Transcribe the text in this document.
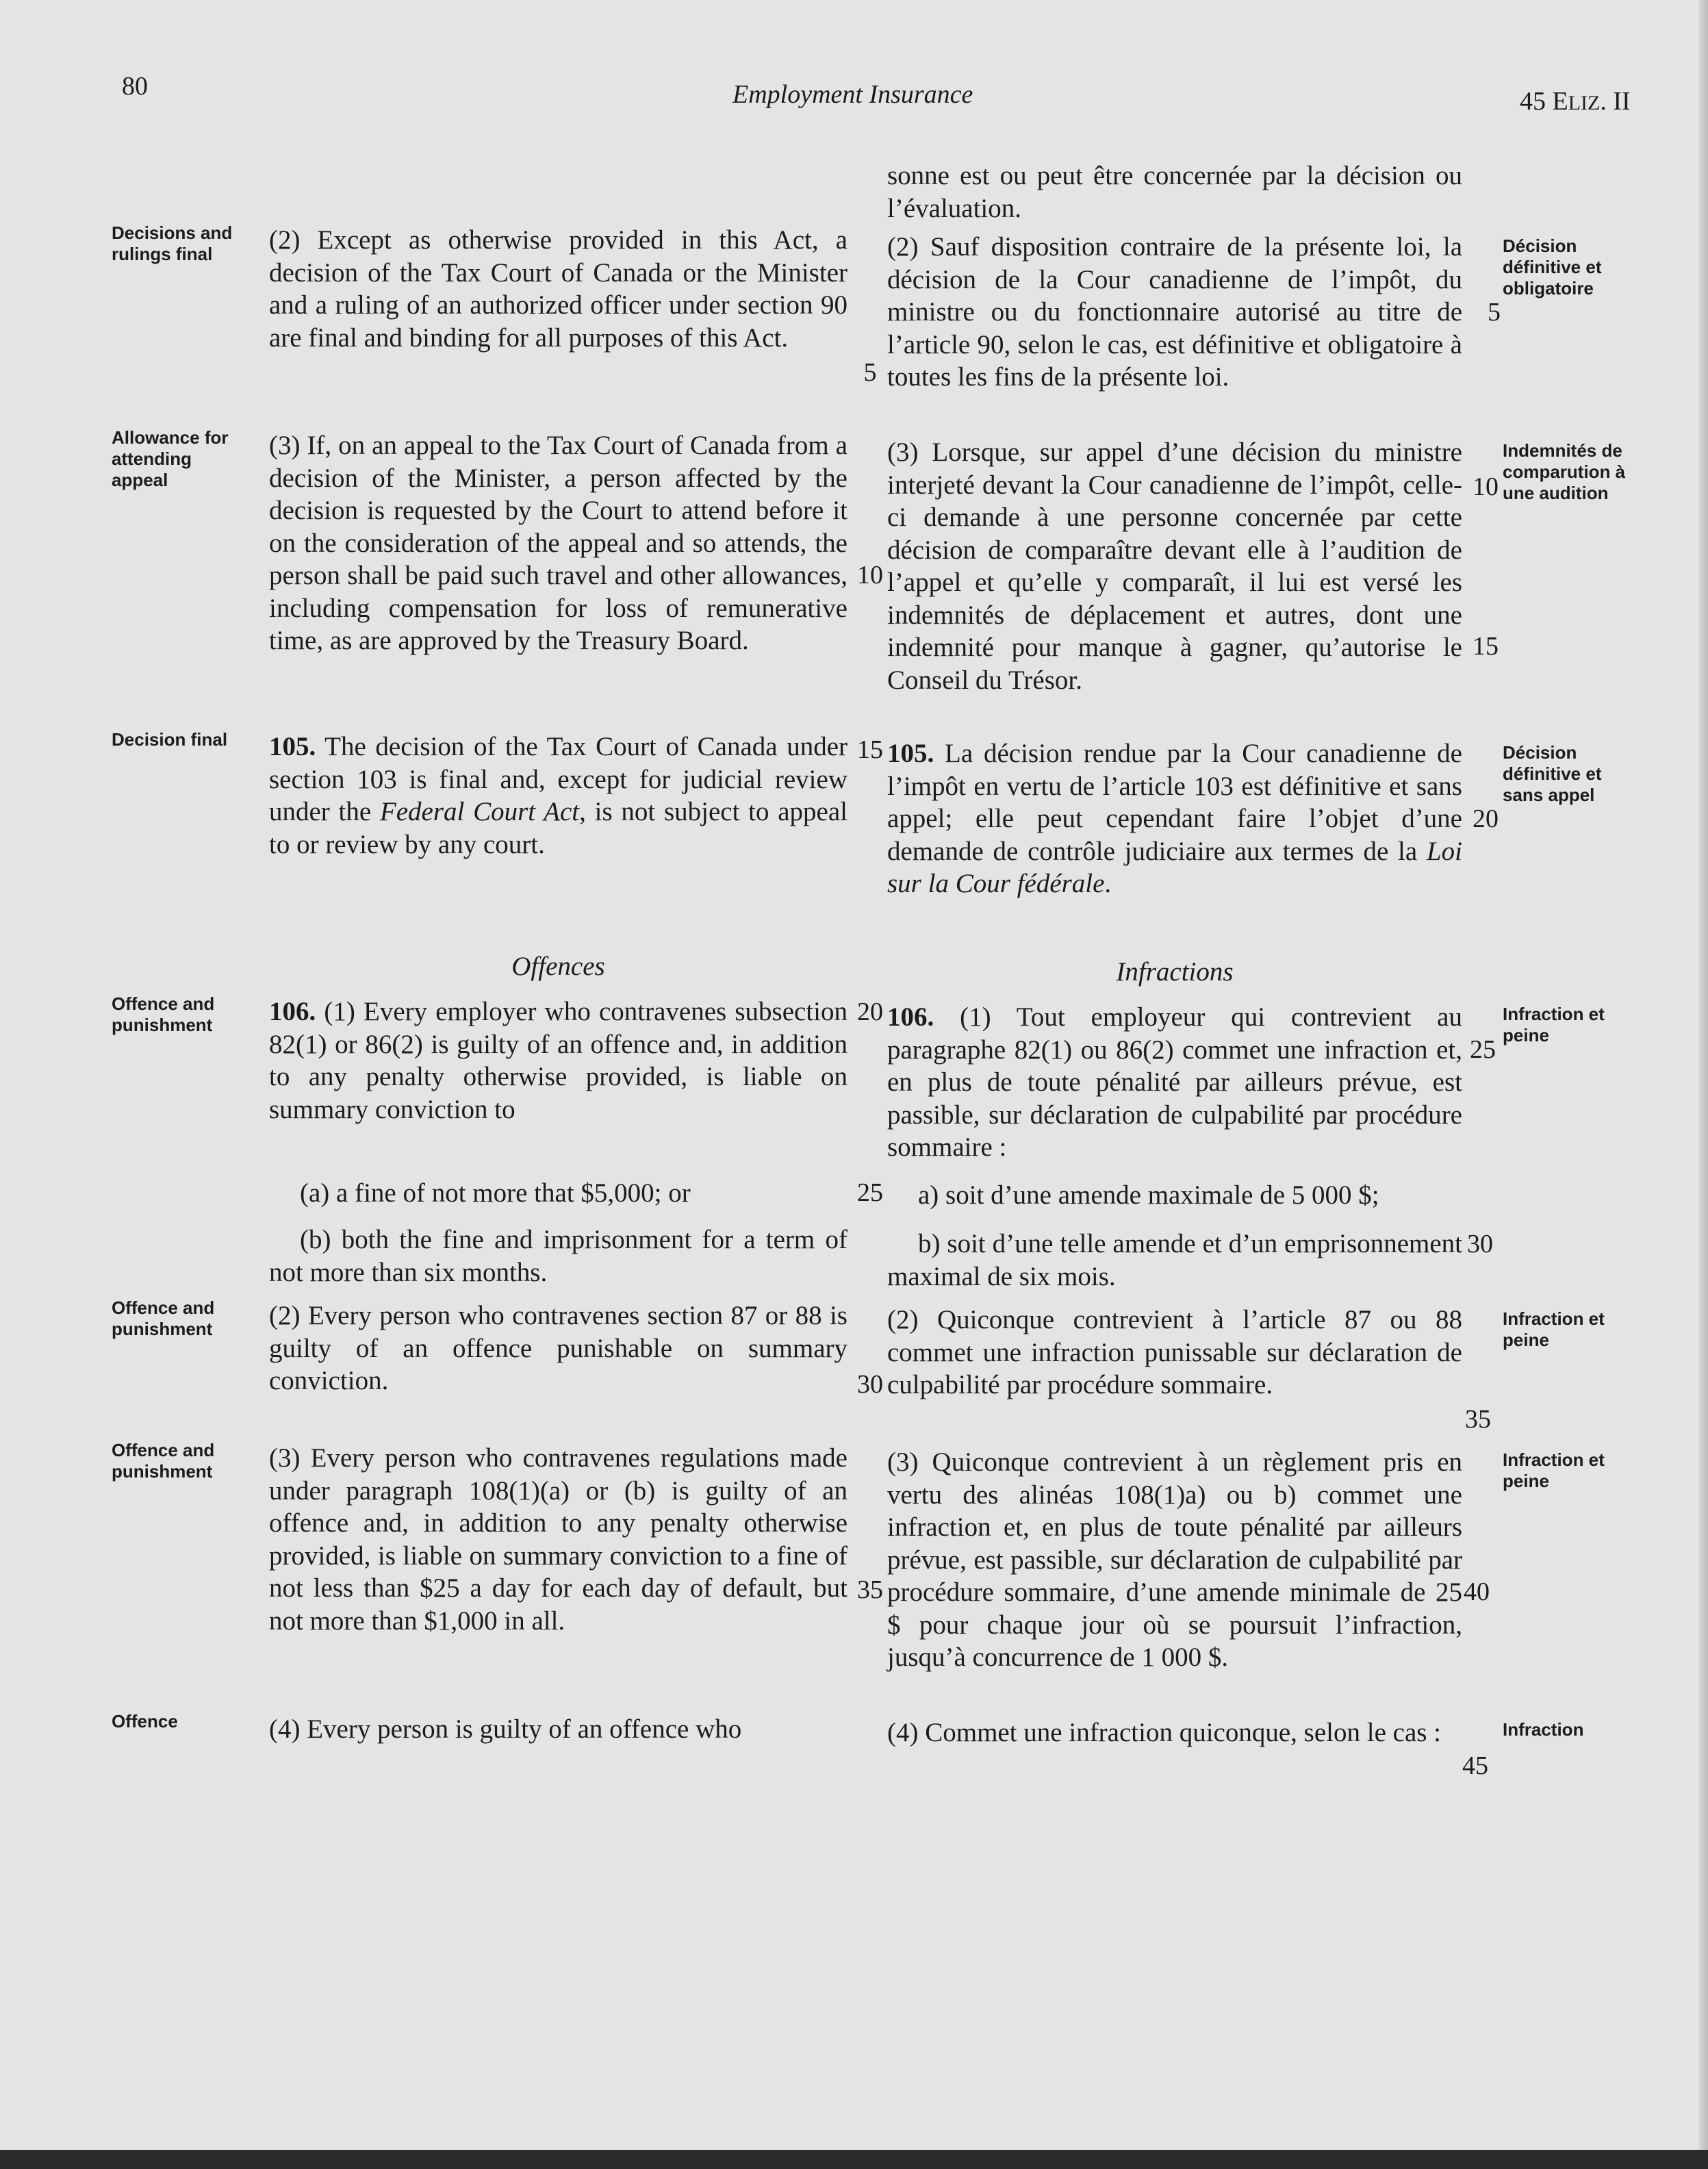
80	Employment Insurance	45 ELIZ. II
Decisions and rulings final
Allowance for attending appeal
Decision final
Offence and punishment
Offence and punishment
Offence and punishment
Offence
Décision définitive et obligatoire
Indemnités de comparution à une audition
Décision définitive et sans appel
Infraction et peine
Infraction et peine
Infraction et peine
Infraction

(2) Except as otherwise provided in this Act, a decision of the Tax Court of Canada or the Minister and a ruling of an authorized officer under section 90 are final and binding for all purposes of this Act.

(3) If, on an appeal to the Tax Court of Canada from a decision of the Minister, a person affected by the decision is requested by the Court to attend before it on the consideration of the appeal and so attends, the person shall be paid such travel and other allowances, including compensation for loss of remunerative time, as are approved by the Treasury Board.

105. The decision of the Tax Court of Canada under section 103 is final and, except for judicial review under the Federal Court Act, is not subject to appeal to or review by any court.

Offences

106. (1) Every employer who contravenes subsection 82(1) or 86(2) is guilty of an offence and, in addition to any penalty otherwise provided, is liable on summary conviction to

(a) a fine of not more that $5,000; or

(b) both the fine and imprisonment for a term of not more than six months.

(2) Every person who contravenes section 87 or 88 is guilty of an offence punishable on summary conviction.

(3) Every person who contravenes regulations made under paragraph 108(1)(a) or (b) is guilty of an offence and, in addition to any penalty otherwise provided, is liable on summary conviction to a fine of not less than $25 a day for each day of default, but not more than $1,000 in all.

(4) Every person is guilty of an offence who

sonne est ou peut être concernée par la décision ou l’évaluation.

(2) Sauf disposition contraire de la présente loi, la décision de la Cour canadienne de l’impôt, du ministre ou du fonctionnaire autorisé au titre de l’article 90, selon le cas, est définitive et obligatoire à toutes les fins de la présente loi.

(3) Lorsque, sur appel d’une décision du ministre interjeté devant la Cour canadienne de l’impôt, celle-ci demande à une personne concernée par cette décision de comparaître devant elle à l’audition de l’appel et qu’elle y comparaît, il lui est versé les indemnités de déplacement et autres, dont une indemnité pour manque à gagner, qu’autorise le Conseil du Trésor.

105. La décision rendue par la Cour canadienne de l’impôt en vertu de l’article 103 est définitive et sans appel; elle peut cependant faire l’objet d’une demande de contrôle judiciaire aux termes de la Loi sur la Cour fédérale.

Infractions

106. (1) Tout employeur qui contrevient au paragraphe 82(1) ou 86(2) commet une infraction et, en plus de toute pénalité par ailleurs prévue, est passible, sur déclaration de culpabilité par procédure sommaire :

a) soit d’une amende maximale de 5 000 $;

b) soit d’une telle amende et d’un emprisonnement maximal de six mois.

(2) Quiconque contrevient à l’article 87 ou 88 commet une infraction punissable sur déclaration de culpabilité par procédure sommaire.

(3) Quiconque contrevient à un règlement pris en vertu des alinéas 108(1)a) ou b) commet une infraction et, en plus de toute pénalité par ailleurs prévue, est passible, sur déclaration de culpabilité par procédure sommaire, d’une amende minimale de 25 $ pour chaque jour où se poursuit l’infraction, jusqu’à concurrence de 1 000 $.

(4) Commet une infraction quiconque, selon le cas :

5
10
15
20
25
30
35
5
10
15
20
25
30
35
40
45
